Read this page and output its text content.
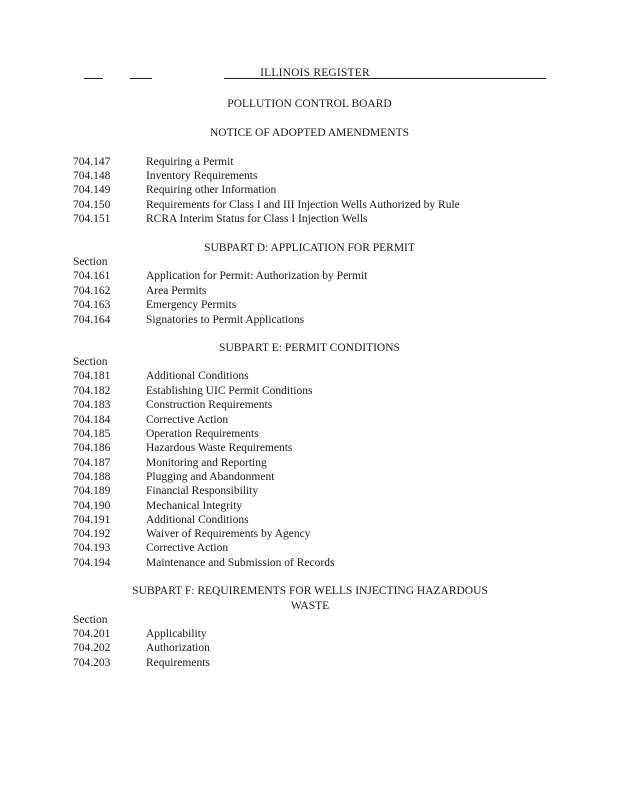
ILLINOIS REGISTER
POLLUTION CONTROL BOARD
NOTICE OF ADOPTED AMENDMENTS
704.147	Requiring a Permit
704.148	Inventory Requirements
704.149	Requiring other Information
704.150	Requirements for Class I and III Injection Wells Authorized by Rule
704.151	RCRA Interim Status for Class I Injection Wells
SUBPART D: APPLICATION FOR PERMIT
Section
704.161	Application for Permit: Authorization by Permit
704.162	Area Permits
704.163	Emergency Permits
704.164	Signatories to Permit Applications
SUBPART E: PERMIT CONDITIONS
Section
704.181	Additional Conditions
704.182	Establishing UIC Permit Conditions
704.183	Construction Requirements
704.184	Corrective Action
704.185	Operation Requirements
704.186	Hazardous Waste Requirements
704.187	Monitoring and Reporting
704.188	Plugging and Abandonment
704.189	Financial Responsibility
704.190	Mechanical Integrity
704.191	Additional Conditions
704.192	Waiver of Requirements by Agency
704.193	Corrective Action
704.194	Maintenance and Submission of Records
SUBPART F: REQUIREMENTS FOR WELLS INJECTING HAZARDOUS
WASTE
Section
704.201	Applicability
704.202	Authorization
704.203	Requirements
